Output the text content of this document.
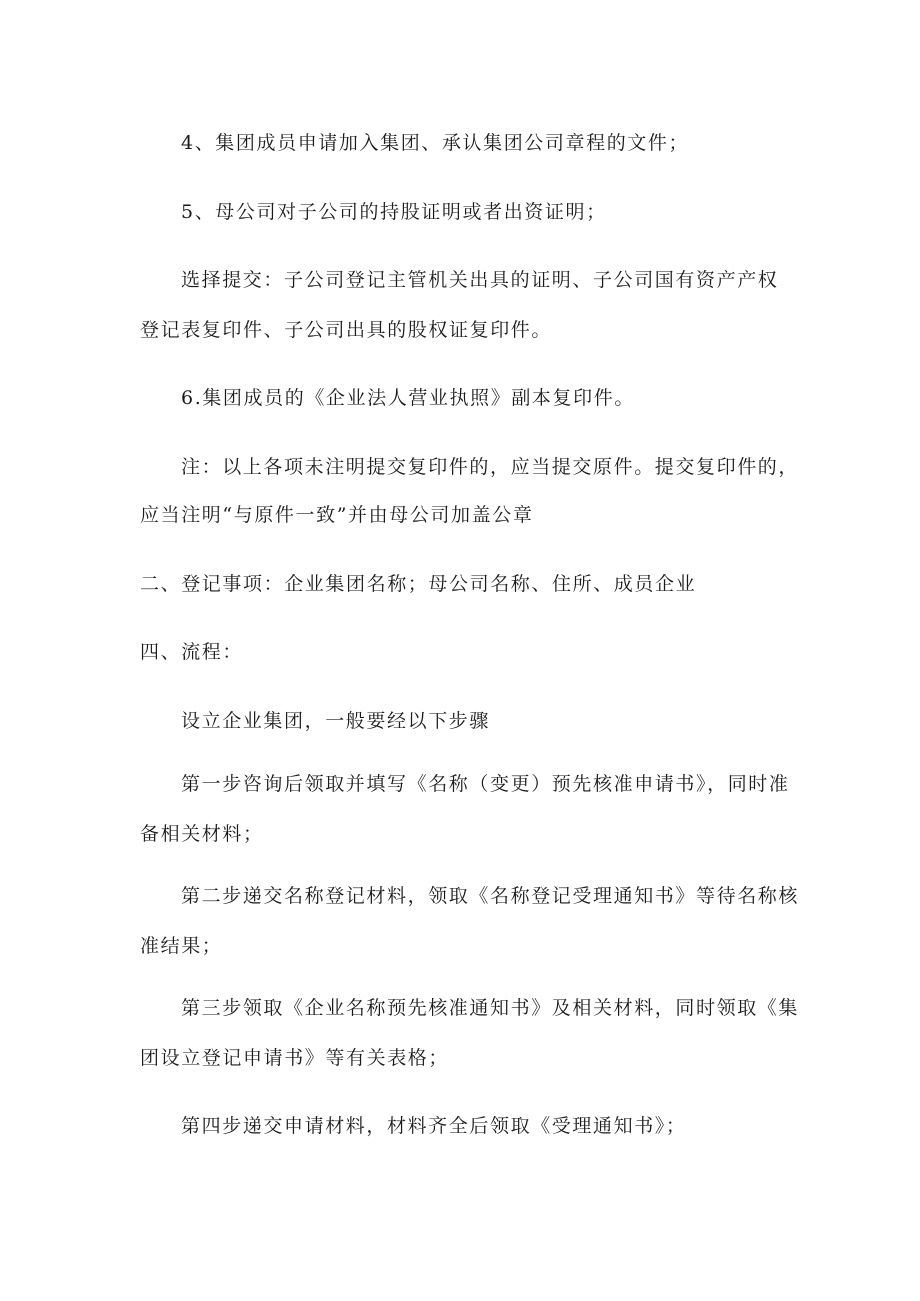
4、集团成员申请加入集团、承认集团公司章程的文件；

5、母公司对子公司的持股证明或者出资证明；

选择提交：子公司登记主管机关出具的证明、子公司国有资产产权

登记表复印件、子公司出具的股权证复印件。

6.集团成员的《企业法人营业执照》副本复印件。

注：以上各项未注明提交复印件的，应当提交原件。提交复印件的，

应当注明“与原件一致”并由母公司加盖公章

二、登记事项：企业集团名称；母公司名称、住所、成员企业

四、流程：

设立企业集团，一般要经以下步骤

第一步咨询后领取并填写《名称（变更）预先核准申请书》，同时准

备相关材料；

第二步递交名称登记材料，领取《名称登记受理通知书》等待名称核

准结果；

第三步领取《企业名称预先核准通知书》及相关材料，同时领取《集

团设立登记申请书》等有关表格；

第四步递交申请材料，材料齐全后领取《受理通知书》；
